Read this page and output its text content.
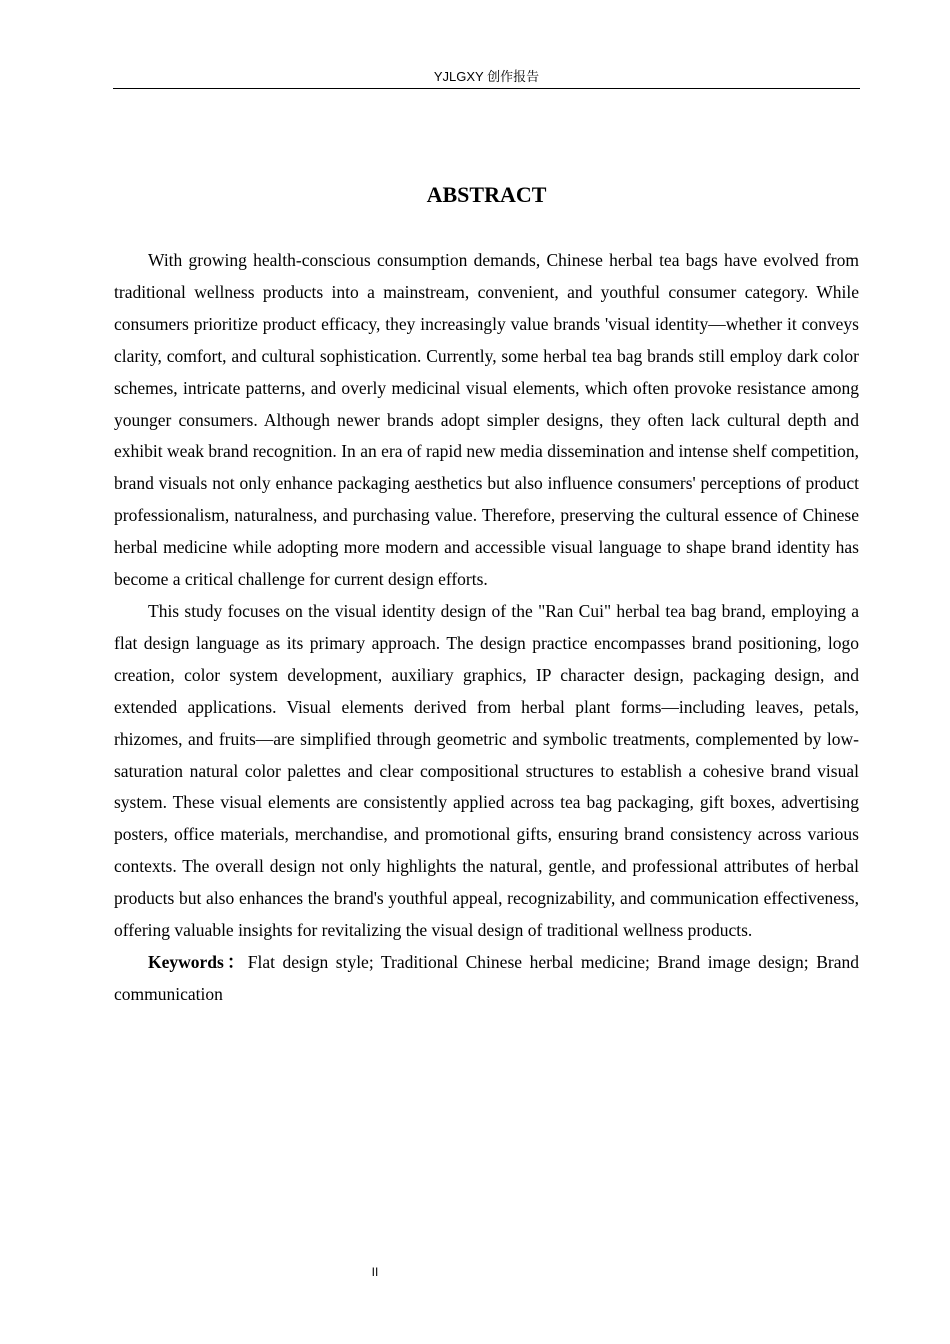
YJLGXY 创作报告
ABSTRACT

With growing health-conscious consumption demands, Chinese herbal tea bags have evolved from traditional wellness products into a mainstream, convenient, and youthful consumer category. While consumers prioritize product efficacy, they increasingly value brands 'visual identity—whether it conveys clarity, comfort, and cultural sophistication. Currently, some herbal tea bag brands still employ dark color schemes, intricate patterns, and overly medicinal visual elements, which often provoke resistance among younger consumers. Although newer brands adopt simpler designs, they often lack cultural depth and exhibit weak brand recognition. In an era of rapid new media dissemination and intense shelf competition, brand visuals not only enhance packaging aesthetics but also influence consumers' perceptions of product professionalism, naturalness, and purchasing value. Therefore, preserving the cultural essence of Chinese herbal medicine while adopting more modern and accessible visual language to shape brand identity has become a critical challenge for current design efforts.

This study focuses on the visual identity design of the "Ran Cui" herbal tea bag brand, employing a flat design language as its primary approach. The design practice encompasses brand positioning, logo creation, color system development, auxiliary graphics, IP character design, packaging design, and extended applications. Visual elements derived from herbal plant forms—including leaves, petals, rhizomes, and fruits—are simplified through geometric and symbolic treatments, complemented by low-saturation natural color palettes and clear compositional structures to establish a cohesive brand visual system. These visual elements are consistently applied across tea bag packaging, gift boxes, advertising posters, office materials, merchandise, and promotional gifts, ensuring brand consistency across various contexts. The overall design not only highlights the natural, gentle, and professional attributes of herbal products but also enhances the brand's youthful appeal, recognizability, and communication effectiveness, offering valuable insights for revitalizing the visual design of traditional wellness products.

Keywords：Flat design style; Traditional Chinese herbal medicine; Brand image design; Brand communication

II
